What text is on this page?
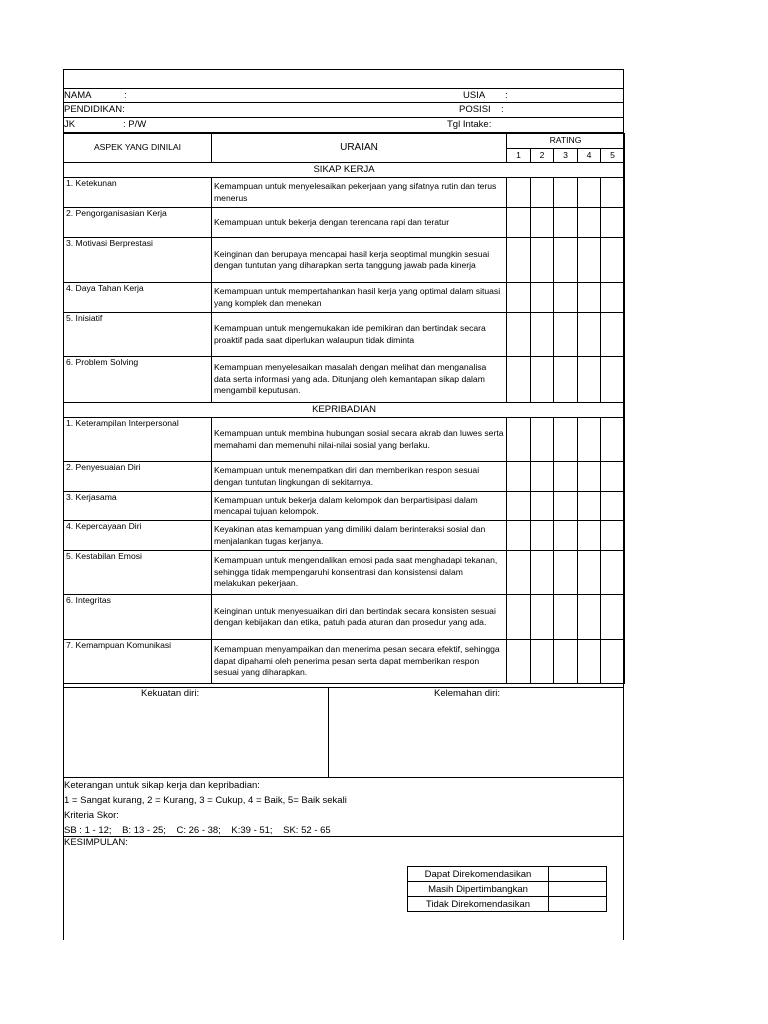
NAMA	:	USIA :
PENDIDIKAN:	POSISI :
JK	: P/W	Tgl Intake:
ASPEK YANG DINILAI	URAIAN	RATING				
		1	2	3	4	5
SIKAP KERJA						
1. Ketekunan	Kemampuan untuk menyelesaikan pekerjaan yang sifatnya rutin dan terus menerus					
2. Pengorganisasian Kerja	Kemampuan untuk bekerja dengan terencana rapi dan teratur					
3. Motivasi Berprestasi	Keinginan dan berupaya mencapai hasil kerja seoptimal mungkin sesuai dengan tuntutan yang diharapkan serta tanggung jawab pada kinerja					
4. Daya Tahan Kerja	Kemampuan untuk mempertahankan hasil kerja yang optimal dalam situasi yang komplek dan menekan					
5. Inisiatif	Kemampuan untuk mengemukakan ide pemikiran dan bertindak secara proaktif pada saat diperlukan walaupun tidak diminta					
6. Problem Solving	Kemampuan menyelesaikan masalah dengan melihat dan menganalisa data serta informasi yang ada. Ditunjang oleh kemantapan sikap dalam mengambil keputusan.					
KEPRIBADIAN						
1. Keterampilan Interpersonal	Kemampuan untuk membina hubungan sosial secara akrab dan luwes serta memahami dan memenuhi nilai-nilai sosial yang berlaku.					
2. Penyesuaian Diri	Kemampuan untuk menempatkan diri dan memberikan respon sesuai dengan tuntutan lingkungan di sekitarnya.					
3. Kerjasama	Kemampuan untuk bekerja dalam kelompok dan berpartisipasi dalam mencapai tujuan kelompok.					
4. Kepercayaan Diri	Keyakinan atas kemampuan yang dimiliki dalam berinteraksi sosial dan menjalankan tugas kerjanya.					
5. Kestabilan Emosi	Kemampuan untuk mengendalikan emosi pada saat menghadapi tekanan, sehingga tidak mempengaruhi konsentrasi dan konsistensi dalam melakukan pekerjaan.					
6. Integritas	Keinginan untuk menyesuaikan diri dan bertindak secara konsisten sesuai dengan kebijakan dan etika, patuh pada aturan dan prosedur yang ada.					
7. Kemampuan Komunikasi	Kemampuan menyampaikan dan menerima pesan secara efektif, sehingga dapat dipahami oleh penerima pesan serta dapat memberikan respon sesuai yang diharapkan.					
Kekuatan diri:	Kelemahan diri:
Keterangan untuk sikap kerja dan kepribadian:
1 = Sangat kurang, 2 = Kurang, 3 = Cukup, 4 = Baik, 5= Baik sekali
Kriteria Skor:
SB : 1 - 12;    B: 13 - 25;    C: 26 - 38;    K:39 - 51;    SK: 52 - 65
KESIMPULAN:
Dapat Direkomendasikan	
Masih Dipertimbangkan	
Tidak Direkomendasikan	
